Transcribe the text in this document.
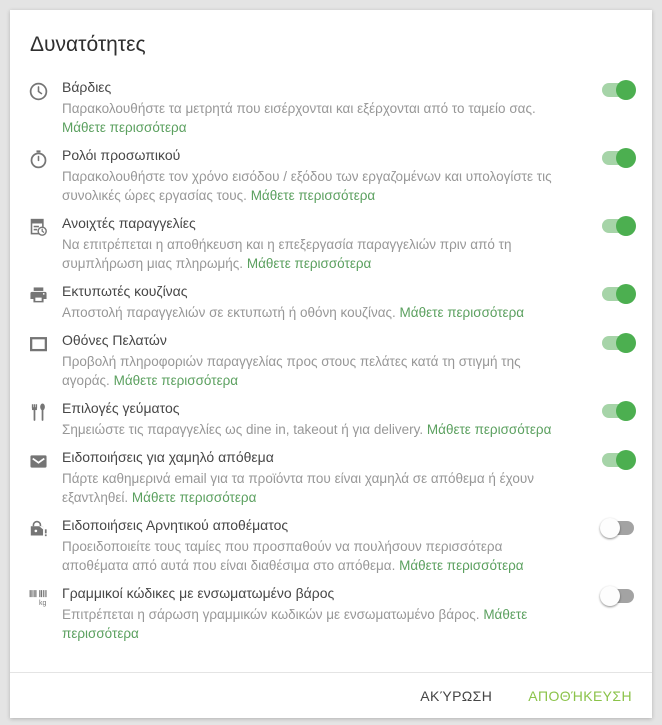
Δυνατότητες

Βάρδιες

Παρακολουθήστε τα μετρητά που εισέρχονται και εξέρχονται από το ταμείο σας. Μάθετε περισσότερα

Ρολόι προσωπικού

Παρακολουθήστε τον χρόνο εισόδου / εξόδου των εργαζομένων και υπολογίστε τις συνολικές ώρες εργασίας τους. Μάθετε περισσότερα

Ανοιχτές παραγγελίες

Να επιτρέπεται η αποθήκευση και η επεξεργασία παραγγελιών πριν από τη συμπλήρωση μιας πληρωμής. Μάθετε περισσότερα

Εκτυπωτές κουζίνας

Αποστολή παραγγελιών σε εκτυπωτή ή οθόνη κουζίνας. Μάθετε περισσότερα

Οθόνες Πελατών

Προβολή πληροφοριών παραγγελίας προς στους πελάτες κατά τη στιγμή της αγοράς. Μάθετε περισσότερα

Επιλογές γεύματος

Σημειώστε τις παραγγελίες ως dine in, takeout ή για delivery. Μάθετε περισσότερα

Ειδοποιήσεις για χαμηλό απόθεμα

Πάρτε καθημερινά email για τα προϊόντα που είναι χαμηλά σε απόθεμα ή έχουν εξαντληθεί. Μάθετε περισσότερα

Ειδοποιήσεις Αρνητικού αποθέματος

Προειδοποιείτε τους ταμίες που προσπαθούν να πουλήσουν περισσότερα αποθέματα από αυτά που είναι διαθέσιμα στο απόθεμα. Μάθετε περισσότερα

kg

Γραμμικοί κώδικες με ενσωματωμένο βάρος

Επιτρέπεται η σάρωση γραμμικών κωδικών με ενσωματωμένο βάρος. Μάθετε περισσότερα

ΑΚΎΡΩΣΗ	ΑΠΟΘΉΚΕΥΣΗ
